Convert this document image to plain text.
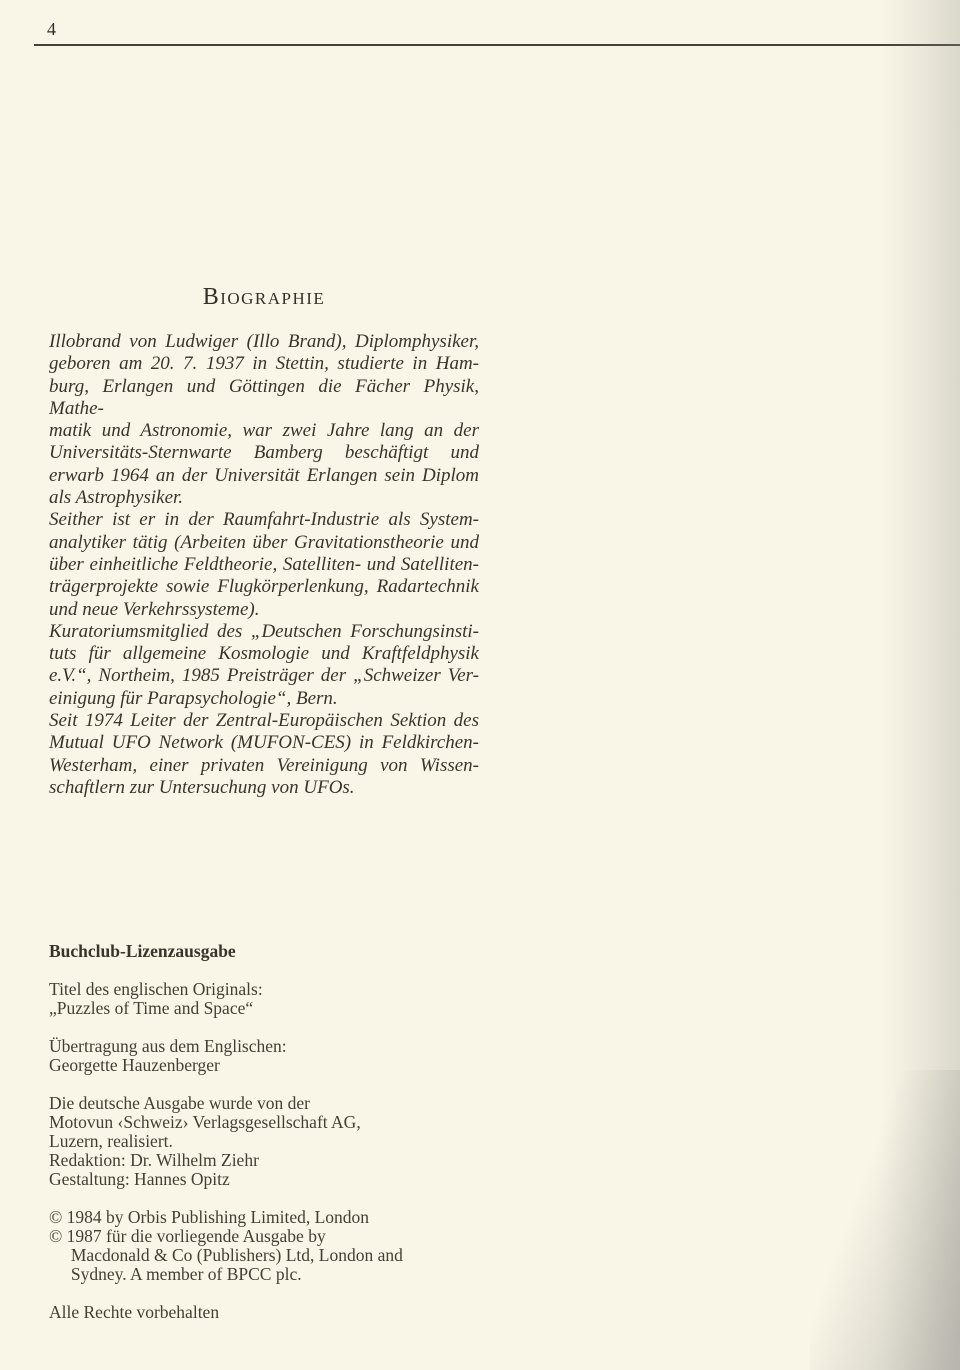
4
Biographie
Illobrand von Ludwiger (Illo Brand), Diplomphysiker,
geboren am 20. 7. 1937 in Stettin, studierte in Ham-
burg, Erlangen und Göttingen die Fächer Physik, Mathe-
matik und Astronomie, war zwei Jahre lang an der
Universitäts-Sternwarte Bamberg beschäftigt und
erwarb 1964 an der Universität Erlangen sein Diplom
als Astrophysiker.
Seither ist er in der Raumfahrt-Industrie als System-
analytiker tätig (Arbeiten über Gravitationstheorie und
über einheitliche Feldtheorie, Satelliten- und Satelliten-
trägerprojekte sowie Flugkörperlenkung, Radartechnik
und neue Verkehrssysteme).
Kuratoriumsmitglied des „Deutschen Forschungsinsti-
tuts für allgemeine Kosmologie und Kraftfeldphysik
e.V.“, Northeim, 1985 Preisträger der „Schweizer Ver-
einigung für Parapsychologie“, Bern.
Seit 1974 Leiter der Zentral-Europäischen Sektion des
Mutual UFO Network (MUFON-CES) in Feldkirchen-
Westerham, einer privaten Vereinigung von Wissen-
schaftlern zur Untersuchung von UFOs.
Buchclub-Lizenzausgabe
Titel des englischen Originals:
„Puzzles of Time and Space“
Übertragung aus dem Englischen:
Georgette Hauzenberger
Die deutsche Ausgabe wurde von der
Motovun ‹Schweiz› Verlagsgesellschaft AG,
Luzern, realisiert.
Redaktion: Dr. Wilhelm Ziehr
Gestaltung: Hannes Opitz
© 1984 by Orbis Publishing Limited, London
© 1987 für die vorliegende Ausgabe by
Macdonald & Co (Publishers) Ltd, London and
Sydney. A member of BPCC plc.
Alle Rechte vorbehalten
